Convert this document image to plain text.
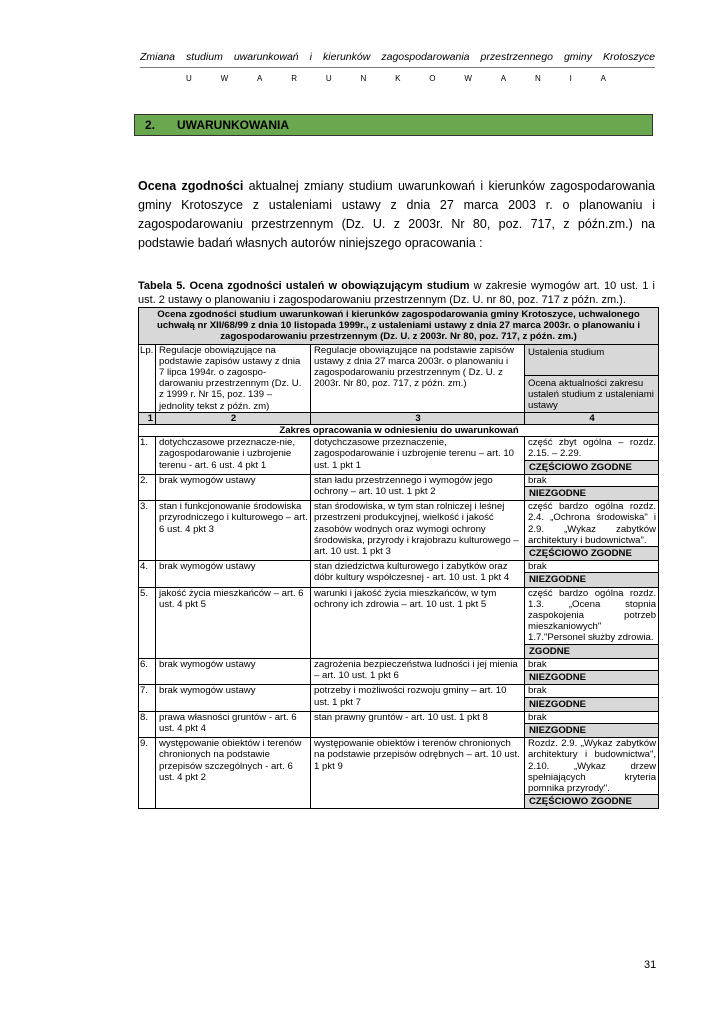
Zmiana studium uwarunkowań i kierunków zagospodarowania przestrzennego gminy Krotoszyce
U	W	A	R	U	N	K	O	W	A	N	I	A
2.	UWARUNKOWANIA
Ocena zgodności aktualnej zmiany studium uwarunkowań i kierunków zagospodarowania gminy Krotoszyce z ustaleniami ustawy z dnia 27 marca 2003 r. o planowaniu i zagospodarowaniu przestrzennym (Dz. U. z 2003r. Nr 80, poz. 717, z późn.zm.) na podstawie badań własnych autorów niniejszego opracowania :
Tabela 5. Ocena zgodności ustaleń w obowiązującym studium w zakresie wymogów art. 10 ust. 1 i ust. 2 ustawy o planowaniu i zagospodarowaniu przestrzennym (Dz. U. nr 80, poz. 717 z późn. zm.).
Ocena zgodności studium uwarunkowań i kierunków zagospodarowania gminy Krotoszyce, uchwalonego uchwałą nr XII/68/99 z dnia 10 listopada 1999r., z ustaleniami ustawy z dnia 27 marca 2003r. o planowaniu i zagospodarowaniu przestrzennym (Dz. U. z 2003r. Nr 80, poz. 717, z późn. zm.)			
Lp.	Regulacje obowiązujące na podstawie zapisów ustawy z dnia 7 lipca 1994r. o zagospo-darowaniu przestrzennym (Dz. U. z 1999 r. Nr 15, poz. 139 – jednolity tekst z późn. zm)	Regulacje obowiązujące na podstawie zapisów ustawy z dnia 27 marca 2003r. o planowaniu i zagospodarowaniu przestrzennym ( Dz. U. z 2003r. Nr 80, poz. 717, z późn. zm.)	Ustalenia studium
			Ocena aktualności zakresu ustaleń studium z ustaleniami ustawy
1	2	3	4
Zakres opracowania w odniesieniu do uwarunkowań			
1.	dotychczasowe przeznacze-nie, zagospodarowanie i uzbrojenie terenu - art. 6 ust. 4 pkt 1	dotychczasowe przeznaczenie, zagospodarowanie i uzbrojenie terenu – art. 10 ust. 1 pkt 1	część zbyt ogólna – rozdz. 2.15. – 2.29.
			CZĘŚCIOWO ZGODNE
2.	brak wymogów ustawy	stan ładu przestrzennego i wymogów jego ochrony – art. 10 ust. 1 pkt 2	brak
			NIEZGODNE
3.	stan i funkcjonowanie środowiska przyrodniczego i kulturowego – art. 6 ust. 4 pkt 3	stan środowiska, w tym stan rolniczej i leśnej przestrzeni produkcyjnej, wielkość i jakość zasobów wodnych oraz wymogi ochrony środowiska, przyrody i krajobrazu kulturowego – art. 10 ust. 1 pkt 3	część bardzo ogólna rozdz. 2.4. „Ochrona środowiska" i 2.9. „Wykaz zabytków architektury i budownictwa".
			CZĘŚCIOWO ZGODNE
4.	brak wymogów ustawy	stan dziedzictwa kulturowego i zabytków oraz dóbr kultury współczesnej - art. 10 ust. 1 pkt 4	brak
			NIEZGODNE
5.	jakość życia mieszkańców – art. 6 ust. 4 pkt 5	warunki i jakość życia mieszkańców, w tym ochrony ich zdrowia – art. 10 ust. 1 pkt 5	część bardzo ogólna rozdz. 1.3. „Ocena stopnia zaspokojenia potrzeb mieszkaniowych" 1.7."Personel służby zdrowia.
			ZGODNE
6.	brak wymogów ustawy	zagrożenia bezpieczeństwa ludności i jej mienia – art. 10 ust. 1 pkt 6	brak
			NIEZGODNE
7.	brak wymogów ustawy	potrzeby i możliwości rozwoju gminy – art. 10 ust. 1 pkt 7	brak
			NIEZGODNE
8.	prawa własności gruntów - art. 6 ust. 4 pkt 4	stan prawny gruntów - art. 10 ust. 1 pkt 8	brak
			NIEZGODNE
9.	występowanie obiektów i terenów chronionych na podstawie przepisów szczególnych - art. 6 ust. 4 pkt 2	występowanie obiektów i terenów chronionych na podstawie przepisów odrębnych – art. 10 ust. 1 pkt 9	Rozdz. 2.9. „Wykaz zabytków architektury i budownictwa", 2.10. „Wykaz drzew spełniających kryteria pomnika przyrody".
			CZĘŚCIOWO ZGODNE
31
